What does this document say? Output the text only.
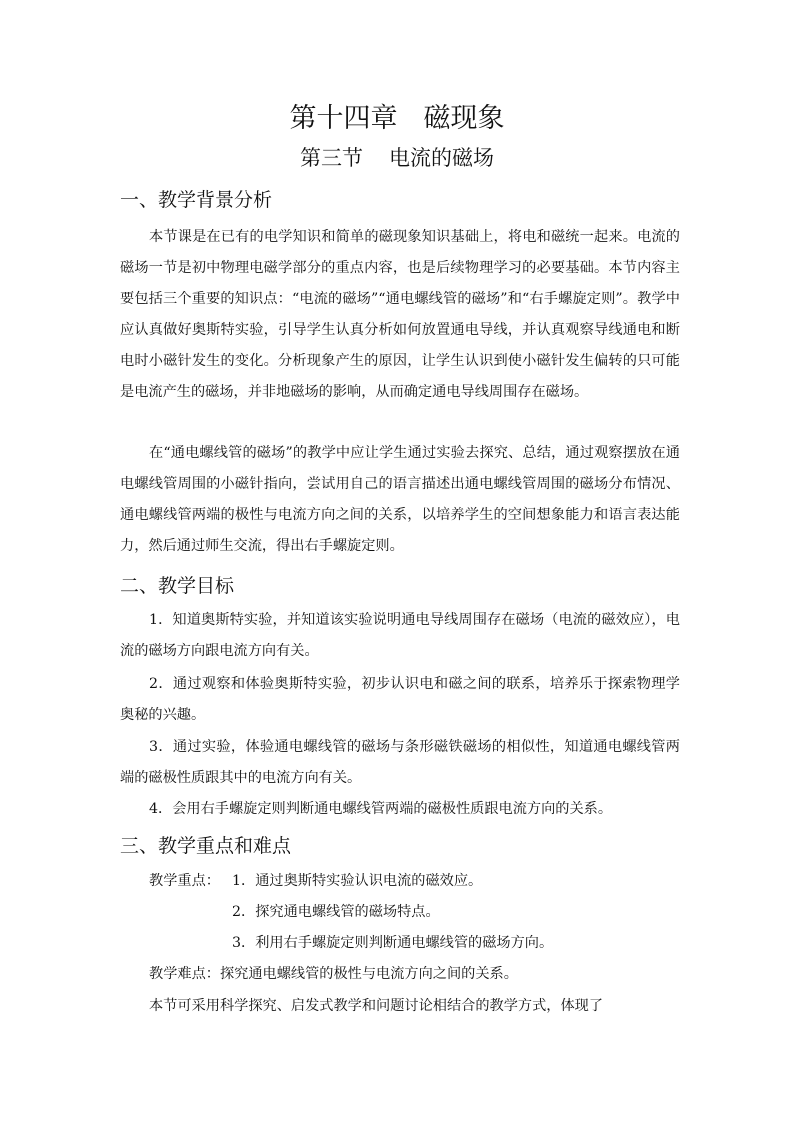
第十四章 磁现象
第三节 电流的磁场
一、教学背景分析

本节课是在已有的电学知识和简单的磁现象知识基础上，将电和磁统一起来。电流的磁场一节是初中物理电磁学部分的重点内容，也是后续物理学习的必要基础。本节内容主要包括三个重要的知识点：“电流的磁场”“通电螺线管的磁场”和“右手螺旋定则”。教学中应认真做好奥斯特实验，引导学生认真分析如何放置通电导线，并认真观察导线通电和断电时小磁针发生的变化。分析现象产生的原因，让学生认识到使小磁针发生偏转的只可能是电流产生的磁场，并非地磁场的影响，从而确定通电导线周围存在磁场。

在“通电螺线管的磁场”的教学中应让学生通过实验去探究、总结，通过观察摆放在通电螺线管周围的小磁针指向，尝试用自己的语言描述出通电螺线管周围的磁场分布情况、通电螺线管两端的极性与电流方向之间的关系，以培养学生的空间想象能力和语言表达能力，然后通过师生交流，得出右手螺旋定则。

二、教学目标

1．知道奥斯特实验，并知道该实验说明通电导线周围存在磁场（电流的磁效应），电流的磁场方向跟电流方向有关。

2．通过观察和体验奥斯特实验，初步认识电和磁之间的联系，培养乐于探索物理学奥秘的兴趣。

3．通过实验，体验通电螺线管的磁场与条形磁铁磁场的相似性，知道通电螺线管两端的磁极性质跟其中的电流方向有关。

4．会用右手螺旋定则判断通电螺线管两端的磁极性质跟电流方向的关系。

三、教学重点和难点
教学重点： 1．通过奥斯特实验认识电流的磁效应。
2．探究通电螺线管的磁场特点。
3．利用右手螺旋定则判断通电螺线管的磁场方向。
教学难点：探究通电螺线管的极性与电流方向之间的关系。
本节可采用科学探究、启发式教学和问题讨论相结合的教学方式，体现了
